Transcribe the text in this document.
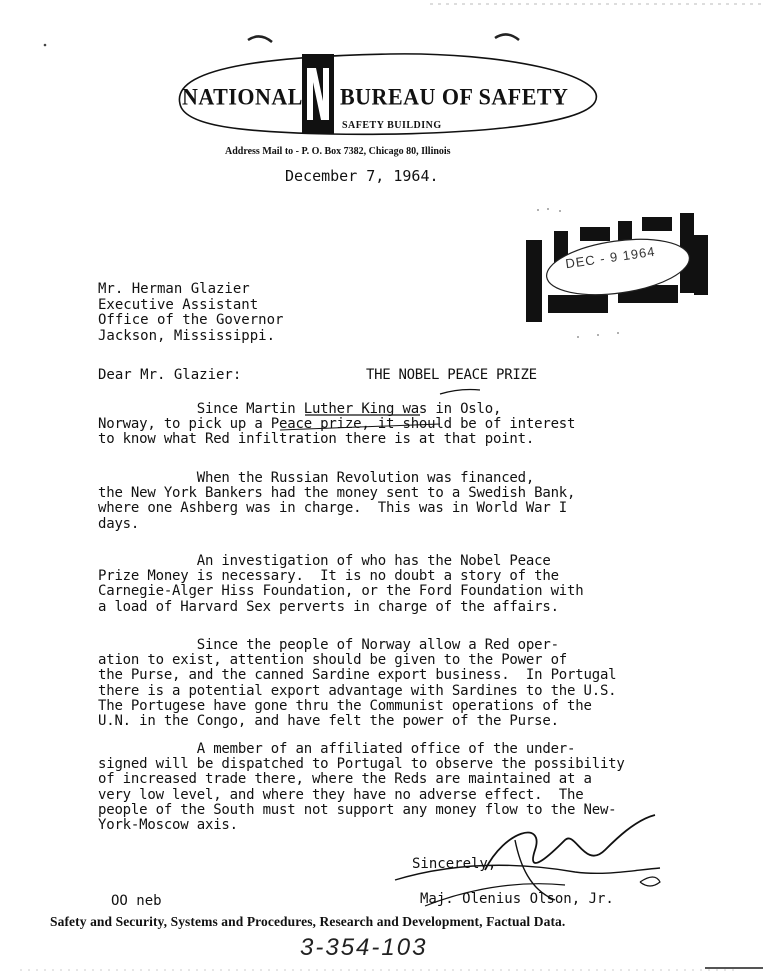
NATIONAL BUREAU OF SAFETY
SAFETY BUILDING
Address Mail to - P. O. Box 7382, Chicago 80, Illinois
December 7, 1964.
DEC - 9 1964
Mr. Herman Glazier
Executive Assistant
Office of the Governor
Jackson, Mississippi.
Dear Mr. Glazier:	THE NOBEL PEACE PRIZE
Since Martin Luther King was in Oslo,
Norway, to pick up a Peace prize, it should be of interest
to know what Red infiltration there is at that point.
When the Russian Revolution was financed,
the New York Bankers had the money sent to a Swedish Bank,
where one Ashberg was in charge.  This was in World War I
days.
An investigation of who has the Nobel Peace
Prize Money is necessary.  It is no doubt a story of the
Carnegie-Alger Hiss Foundation, or the Ford Foundation with
a load of Harvard Sex perverts in charge of the affairs.
Since the people of Norway allow a Red oper-
ation to exist, attention should be given to the Power of
the Purse, and the canned Sardine export business.  In Portugal
there is a potential export advantage with Sardines to the U.S.
The Portugese have gone thru the Communist operations of the
U.N. in the Congo, and have felt the power of the Purse.
A member of an affiliated office of the under-
signed will be dispatched to Portugal to observe the possibility
of increased trade there, where the Reds are maintained at a
very low level, and where they have no adverse effect.  The
people of the South must not support any money flow to the New-
York-Moscow axis.
Sincerely,
Maj. Olenius Olson, Jr.
OO neb
Safety and Security, Systems and Procedures, Research and Development, Factual Data.
3-354-103
